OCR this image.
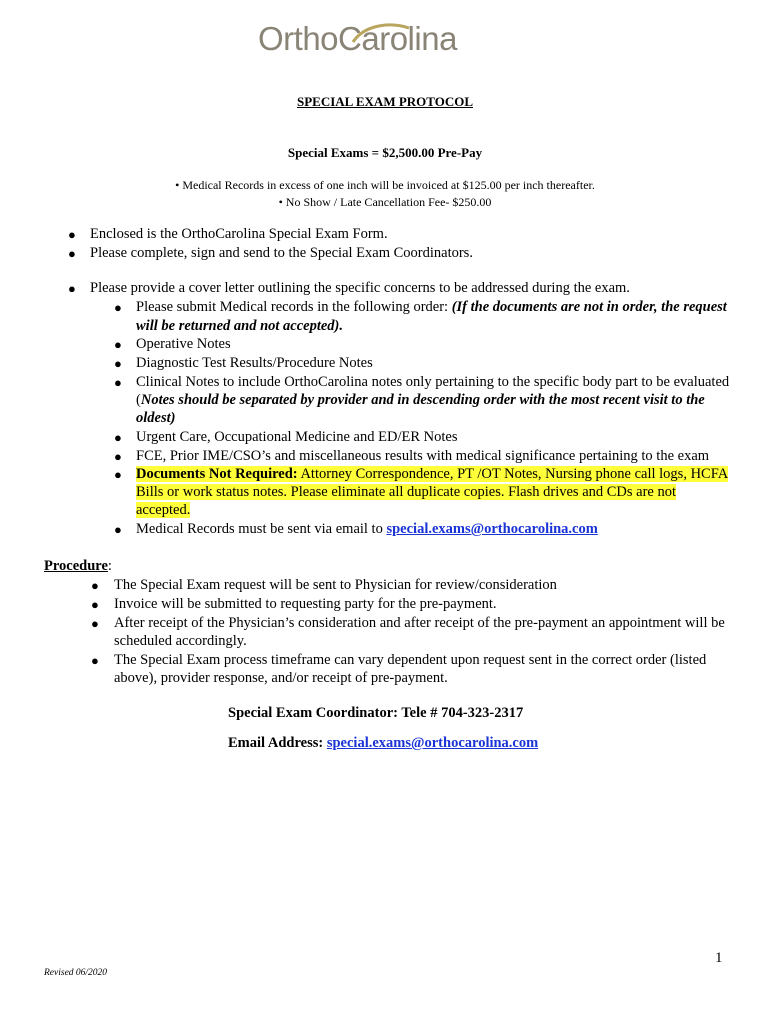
OrthoCarolina
SPECIAL EXAM PROTOCOL
Special Exams = $2,500.00 Pre-Pay
• Medical Records in excess of one inch will be invoiced at $125.00 per inch thereafter.
• No Show / Late Cancellation Fee- $250.00
● Enclosed is the OrthoCarolina Special Exam Form.
● Please complete, sign and send to the Special Exam Coordinators.
● Please provide a cover letter outlining the specific concerns to be addressed during the exam.
● Please submit Medical records in the following order: (If the documents are not in order, the request
will be returned and not accepted).
● Operative Notes
● Diagnostic Test Results/Procedure Notes
● Clinical Notes to include OrthoCarolina notes only pertaining to the specific body part to be evaluated
(Notes should be separated by provider and in descending order with the most recent visit to the
oldest)
● Urgent Care, Occupational Medicine and ED/ER Notes
● FCE, Prior IME/CSO’s and miscellaneous results with medical significance pertaining to the exam
● Documents Not Required: Attorney Correspondence, PT /OT Notes, Nursing phone call logs, HCFA
Bills or work status notes. Please eliminate all duplicate copies. Flash drives and CDs are not
accepted.
● Medical Records must be sent via email to special.exams@orthocarolina.com
Procedure:
● The Special Exam request will be sent to Physician for review/consideration
● Invoice will be submitted to requesting party for the pre-payment.
● After receipt of the Physician’s consideration and after receipt of the pre-payment an appointment will be
scheduled accordingly.
● The Special Exam process timeframe can vary dependent upon request sent in the correct order (listed
above), provider response, and/or receipt of pre-payment.
Special Exam Coordinator: Tele # 704-323-2317
Email Address: special.exams@orthocarolina.com
1
Revised 06/2020
